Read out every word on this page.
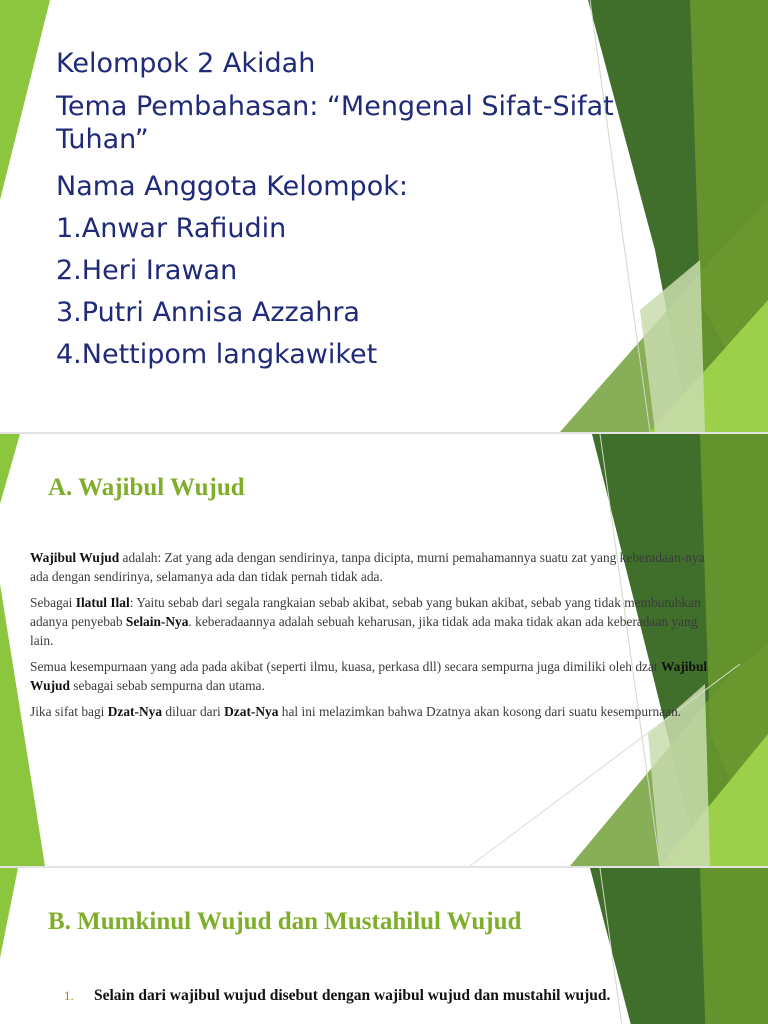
Kelompok 2 Akidah

Tema Pembahasan: “Mengenal Sifat-Sifat Tuhan”

Nama Anggota Kelompok:

1.Anwar Rafiudin

2.Heri Irawan

3.Putri Annisa Azzahra

4.Nettipom langkawiket

A. Wajibul Wujud

Wajibul Wujud adalah: Zat yang ada dengan sendirinya, tanpa dicipta, murni pemahamannya suatu zat yang keberadaan-nya ada dengan sendirinya, selamanya ada dan tidak pernah tidak ada.

Sebagai Ilatul Ilal: Yaitu sebab dari segala rangkaian sebab akibat, sebab yang bukan akibat, sebab yang tidak membutuhkan adanya penyebab Selain-Nya. keberadaannya adalah sebuah keharusan, jika tidak ada maka tidak akan ada keberadaan yang lain.

Semua kesempurnaan yang ada pada akibat (seperti ilmu, kuasa, perkasa dll) secara sempurna juga dimiliki oleh dzat Wajibul Wujud sebagai sebab sempurna dan utama.

Jika sifat bagi Dzat-Nya diluar dari Dzat-Nya hal ini melazimkan bahwa Dzatnya akan kosong dari suatu kesempurnaan.

B. Mumkinul Wujud dan Mustahilul Wujud
1.	Selain dari wajibul wujud disebut dengan wajibul wujud dan mustahil wujud.
